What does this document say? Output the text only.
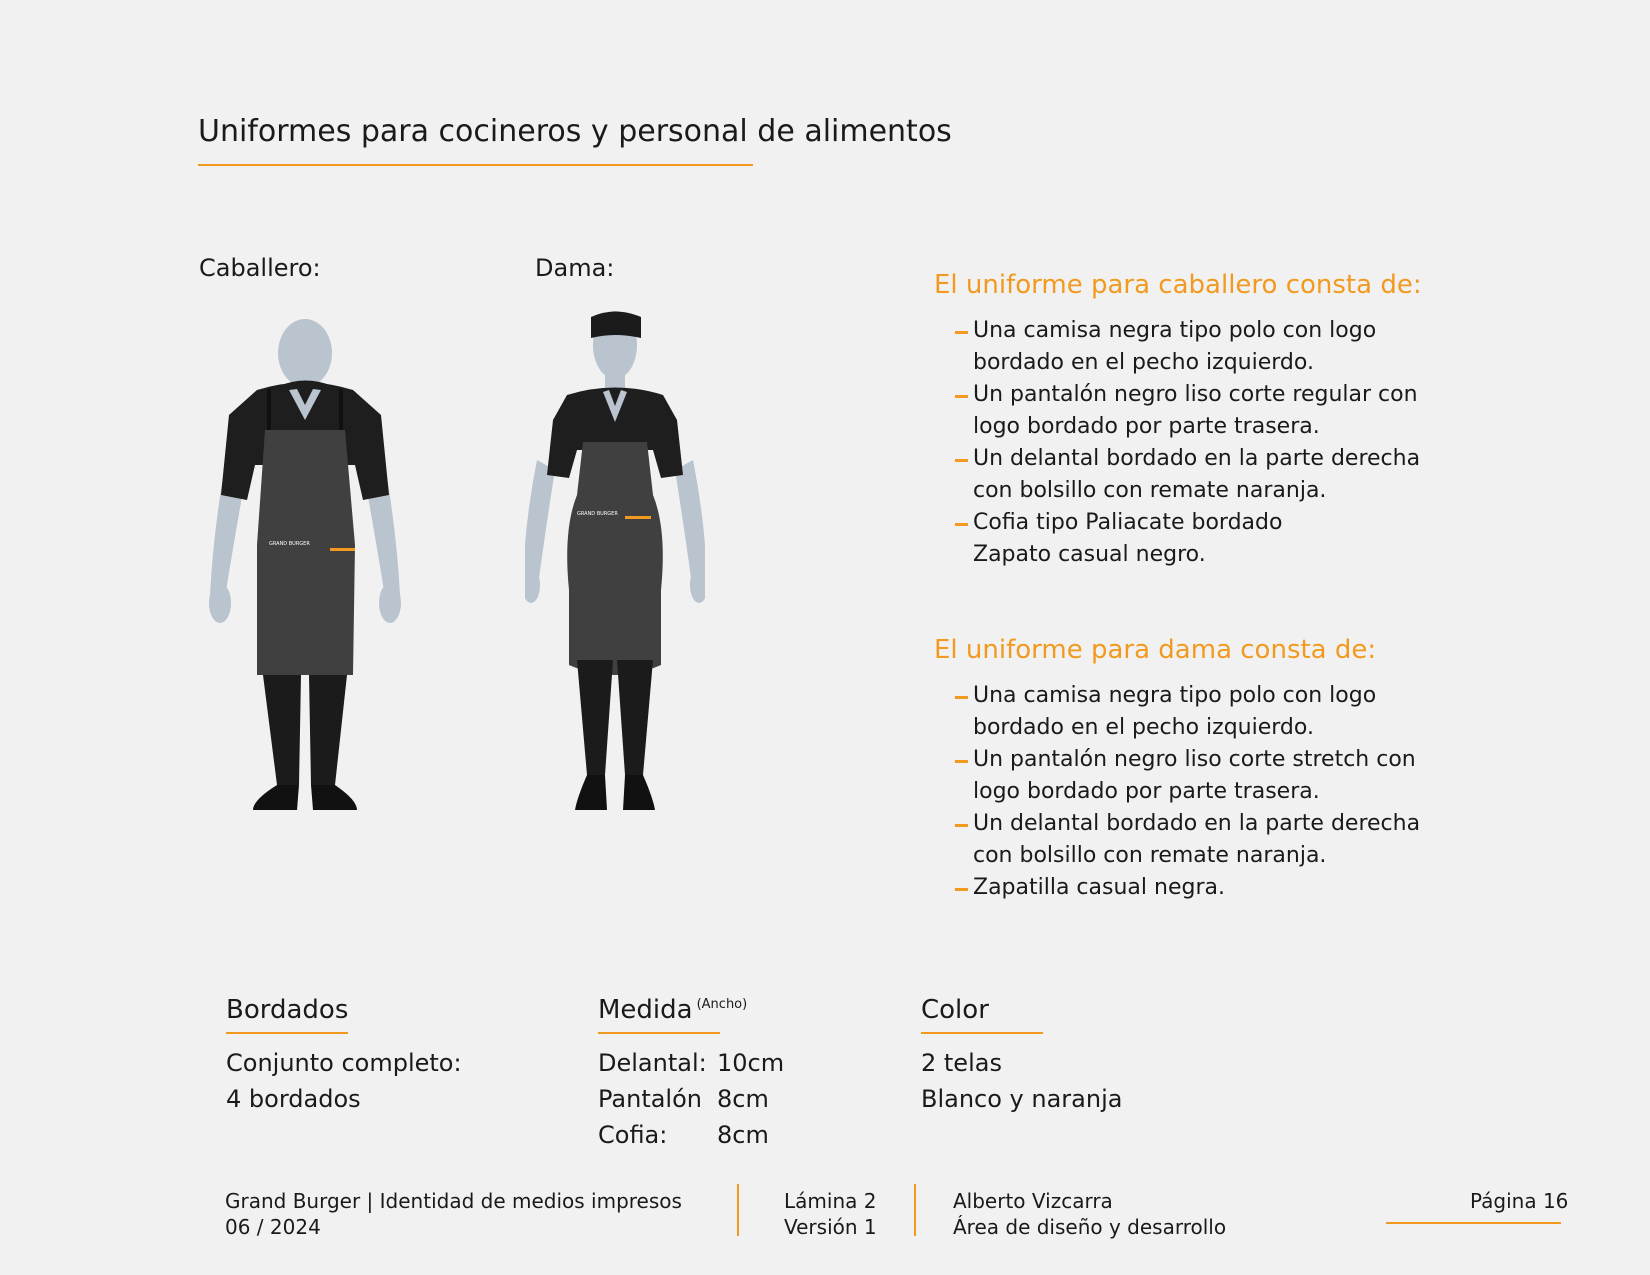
Uniformes para cocineros y personal de alimentos
Caballero:	Dama:
GRAND BURGER
GRAND BURGER
El uniforme para caballero consta de:
Una camisa negra tipo polo con logo bordado en el pecho izquierdo.
Un pantalón negro liso corte regular con logo bordado por parte trasera.
Un delantal bordado en la parte derecha con bolsillo con remate naranja.
Cofia tipo Paliacate bordado
Zapato casual negro.
El uniforme para dama consta de:
Una camisa negra tipo polo con logo bordado en el pecho izquierdo.
Un pantalón negro liso corte stretch con logo bordado por parte trasera.
Un delantal bordado en la parte derecha con bolsillo con remate naranja.
Zapatilla casual negra.
Bordados
Conjunto completo:
4 bordados
Medida $^{(Ancho)}$
Delantal: 10cm
Pantalón 8cm
Cofia:	8cm
Color
2 telas
Blanco y naranja
Grand Burger | Identidad de medios impresos
06 / 2024
Lámina 2
Versión 1
Alberto Vizcarra
Área de diseño y desarrollo
Página 16
